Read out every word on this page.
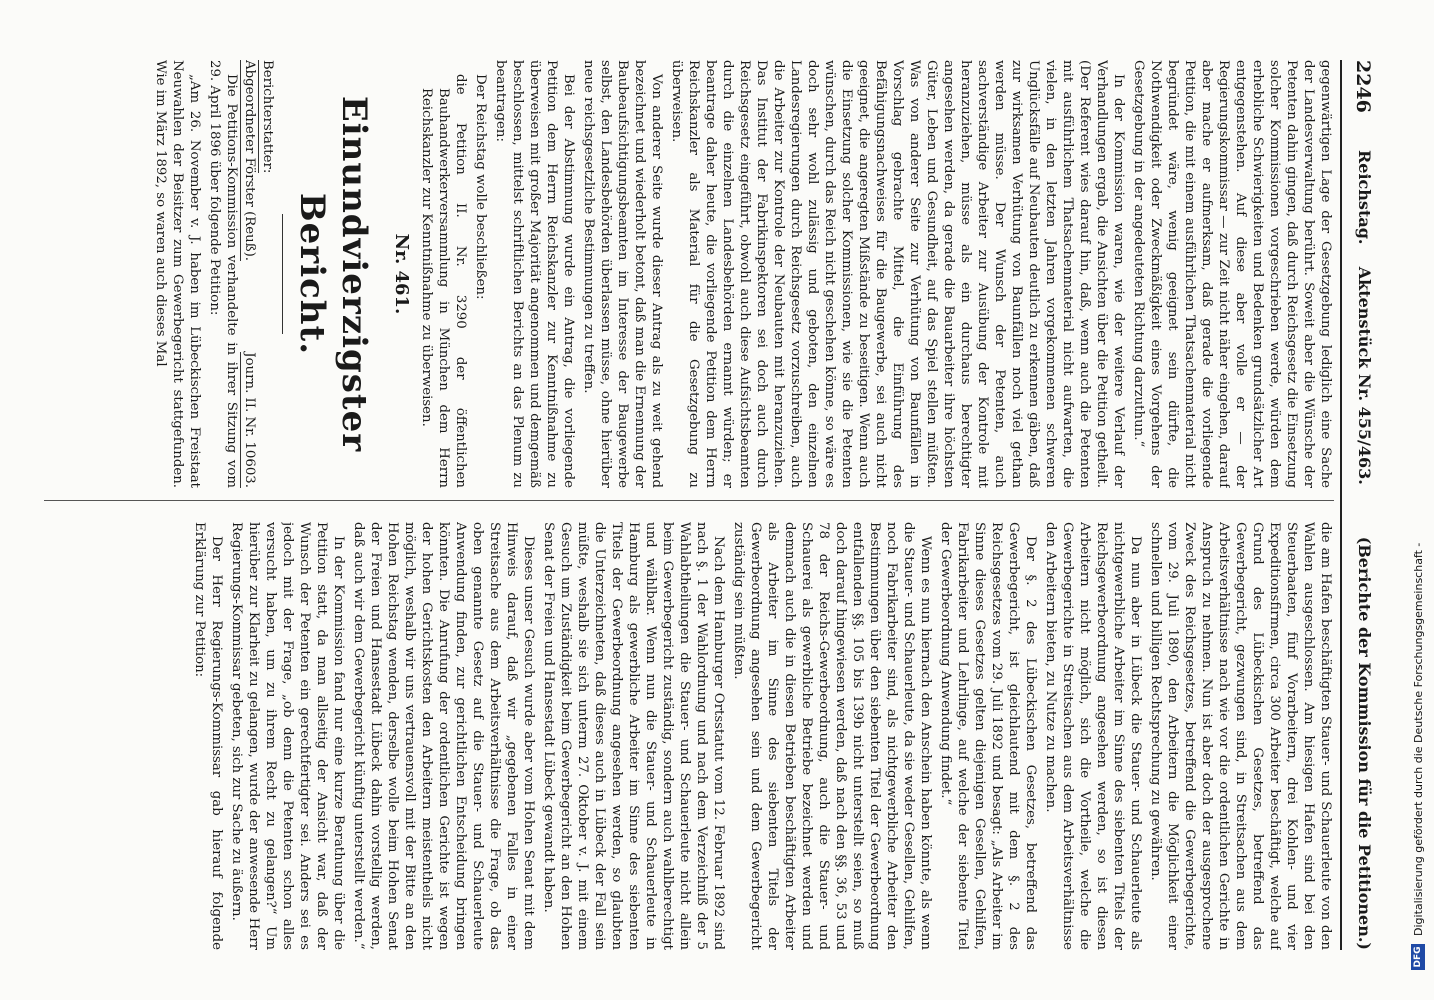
2246
Reichstag.    Aktenstück Nr. 455/463.
(Berichte der Kommission für die Petitionen.)

gegenwärtigen Lage der Gesetzgebung lediglich eine Sache der Landesverwaltung berührt. Soweit aber die Wünsche der Petenten dahin gingen, daß durch Reichsgesetz die Einsetzung solcher Kommissionen vorgeschrieben werde, würden dem erhebliche Schwierigkeiten und Bedenken grundsätzlicher Art entgegenstehen. Auf diese aber volle er — der Regierungskommissar — zur Zeit nicht näher eingehen, darauf aber mache er aufmerksam, daß gerade die vorliegende Petition, die mit einem ausführlichen Thatsachenmaterial nicht begründet wäre, wenig geeignet sein dürfte, die Nothwendigkeit oder Zweckmäßigkeit eines Vorgehens der Gesetzgebung in der angedeuteten Richtung darzuthun.“

In der Kommission waren, wie der weitere Verlauf der Verhandlungen ergab, die Ansichten über die Petition getheilt. (Der Referent wies darauf hin, daß, wenn auch die Petenten mit ausführlichem Thatsachenmaterial nicht aufwarten, die vielen, in den letzten Jahren vorgekommenen schweren Unglücksfälle auf Neubauten deutlich zu erkennen gäben, daß zur wirksamen Verhütung von Baunfällen noch viel gethan werden müsse. Der Wunsch der Petenten, auch sachverständige Arbeiter zur Ausübung der Kontrole mit heranzuziehen, müsse als ein durchaus berechtigter angesehen werden, da gerade die Bauarbeiter ihre höchsten Güter, Leben und Gesundheit, auf das Spiel stellen müßten. Was von anderer Seite zur Verhütung von Baunfällen in Vorschlag gebrachte Mittel, die Einführung des Befähigungsnachweises für die Baugewerbe, sei auch nicht geeignet, die angeregten Mißstände zu beseitigen. Wenn auch die Einsetzung solcher Kommissionen, wie sie die Petenten wünschen, durch das Reich nicht geschehen könne, so wäre es doch sehr wohl zulässig und geboten, den einzelnen Landesregierungen durch Reichsgesetz vorzuschreiben, auch die Arbeiter zur Kontrole der Neubauten mit heranzuziehen. Das Institut der Fabrikinspektoren sei doch auch durch Reichsgesetz eingeführt, obwohl auch diese Aufsichtsbeamten durch die einzelnen Landesbehörden ernannt würden; er beantrage daher heute, die vorliegende Petition dem Herrn Reichskanzler als Material für die Gesetzgebung zu überweisen.

Von anderer Seite wurde dieser Antrag als zu weit gehend bezeichnet und wiederholt betont, daß man die Ernennung der Baubeaufsichtigungsbeamten im Interesse der Baugewerbe selbst, den Landesbehörden überlassen müsse, ohne hierüber neue reichsgesetzliche Bestimmungen zu treffen.

Bei der Abstimmung wurde ein Antrag, die vorliegende Petition dem Herrn Reichskanzler zur Kenntnißnahme zu überweisen mit großer Majorität angenommen und demgemäß beschlossen, mittelst schriftlichen Berichts an das Plenum zu beantragen:

Der Reichstag wolle beschließen:

die Petition II. Nr. 3290 der öffentlichen Bauhandwerkerversammlung in München dem Herrn Reichskanzler zur Kenntnißnahme zu überweisen.

Nr. 461.
Einundvierzigster Bericht.
Berichterstatter:
Abgeordneter Förster (Reuß).
Journ. II. Nr. 10603.

Die Petitions-Kommission verhandelte in ihrer Sitzung vom 29. April 1896 über folgende Petition:

„Am 26. November v. J. haben im Lübeckischen Freistaat Neuwahlen der Beisitzer zum Gewerbegericht stattgefunden. Wie im März 1892, so waren auch dieses Mal

die am Hafen beschäftigten Stauer- und Schauerleute von den Wahlen ausgeschlossen. Am hiesigen Hafen sind bei den Steuerbaaten, fünf Vorarbeitern, drei Kohlen- und vier Expeditionsfirmen, circa 300 Arbeiter beschäftigt, welche auf Grund des Lübeckischen Gesetzes, betreffend das Gewerbegericht, gezwungen sind, in Streitsachen aus dem Arbeitsverhältnisse nach wie vor die ordentlichen Gerichte in Anspruch zu nehmen. Nun ist aber doch der ausgesprochene Zweck des Reichsgesetzes, betreffend die Gewerbegerichte, vom 29. Juli 1890, den Arbeitern die Möglichkeit einer schnellen und billigen Rechtsprechung zu gewähren.

Da nun aber in Lübeck die Stauer- und Schauerleute als nichtgewerbliche Arbeiter im Sinne des siebenten Titels der Reichsgewerbeordnung angesehen werden, so ist diesen Arbeitern nicht möglich, sich die Vortheile, welche die Gewerbegerichte in Streitsachen aus dem Arbeitsverhältnisse den Arbeitern bieten, zu Nutze zu machen.

Der §. 2 des Lübeckischen Gesetzes, betreffend das Gewerbegericht, ist gleichlautend mit dem §. 2 des Reichsgesetzes vom 29. Juli 1892 und besagt: „Als Arbeiter im Sinne dieses Gesetzes gelten diejenigen Gesellen, Gehilfen, Fabrikarbeiter und Lehrlinge, auf welche der siebente Titel der Gewerbeordnung Anwendung findet.“

Wenn es nun hiernach den Anschein haben könnte, als wenn die Stauer- und Schauerleute, da sie weder Gesellen, Gehilfen, noch Fabrikarbeiter sind, als nichtgewerbliche Arbeiter den Bestimmungen über den siebenten Titel der Gewerbeordnung entfallenden §§. 105 bis 139b nicht unterstellt seien, so muß doch darauf hingewiesen werden, daß nach den §§. 36, 53 und 78 der Reichs-Gewerbeordnung, auch die Stauer- und Schauerei als gewerbliche Betriebe bezeichnet werden und demnach auch die in diesen Betrieben beschäftigten Arbeiter als Arbeiter im Sinne des siebenten Titels der Gewerbeordnung angesehen sein und dem Gewerbegericht zuständig sein müßten.

Nach dem Hamburger Ortsstatut vom 12. Februar 1892 sind nach §. 1 der Wahlordnung und nach dem Verzeichniß der 5 Wahlabtheilungen die Stauer- und Schauerleute nicht allein beim Gewerbegericht zuständig, sondern auch wahlberechtigt und wählbar. Wenn nun die Stauer- und Schauerleute in Hamburg als gewerbliche Arbeiter im Sinne des siebenten Titels der Gewerbeordnung angesehen werden, so glaubten die Unterzeichneten, daß dieses auch in Lübeck der Fall sein müßte, weshalb sie sich unterm 27. Oktober v. J. mit einem Gesuch um Zuständigkeit beim Gewerbegericht an den Hohen Senat der Freien und Hansestadt Lübeck gewandt haben.

Dieses unser Gesuch wurde aber vom Hohen Senat mit dem Hinweis darauf, daß wir „gegebenen Falles in einer Streitsache aus dem Arbeitsverhältnisse die Frage, ob das oben genannte Gesetz auf die Stauer- und Schauerleute Anwendung finden, zur gerichtlichen Entscheidung bringen könnten. Die Anrufung der ordentlichen Gerichte ist wegen der hohen Gerichtskosten den Arbeitern meistentheils nicht möglich, weshalb wir uns vertrauensvoll mit der Bitte an den Hohen Reichstag wenden, derselbe wolle beim Hohen Senat der Freien und Hansestadt Lübeck dahin vorstellig werden, daß auch wir dem Gewerbegericht künftig unterstellt werden.“

In der Kommission fand nur eine kurze Berathung über die Petition statt, da man allseitig der Ansicht war, daß der Wunsch der Petenten ein gerechtfertigter sei. Anders sei es jedoch mit der Frage, „ob denn die Petenten schon alles versucht haben, um zu ihrem Recht zu gelangen?“ Um hierüber zur Klarheit zu gelangen, wurde der anwesende Herr Regierungs-Kommissar gebeten, sich zur Sache zu äußern.

Der Herr Regierungs-Kommissar gab hierauf folgende Erklärung zur Petition:

DFG
Digitalisierung gefördert durch die Deutsche Forschungsgemeinschaft -
